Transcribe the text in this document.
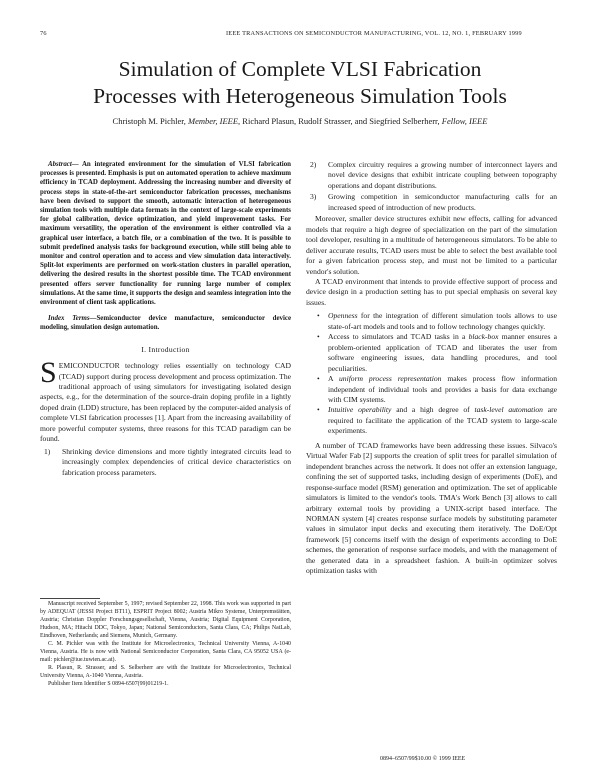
76	IEEE TRANSACTIONS ON SEMICONDUCTOR MANUFACTURING, VOL. 12, NO. 1, FEBRUARY 1999
Simulation of Complete VLSI Fabrication
Processes with Heterogeneous Simulation Tools
Christoph M. Pichler, Member, IEEE, Richard Plasun, Rudolf Strasser, and Siegfried Selberherr, Fellow, IEEE

Abstract— An integrated environment for the simulation of VLSI fabrication processes is presented. Emphasis is put on automated operation to achieve maximum efficiency in TCAD deployment. Addressing the increasing number and diversity of process steps in state-of-the-art semiconductor fabrication processes, mechanisms have been devised to support the smooth, automatic interaction of heterogeneous simulation tools with multiple data formats in the context of large-scale experiments for global calibration, device optimization, and yield improvement tasks. For maximum versatility, the operation of the environment is either controlled via a graphical user interface, a batch file, or a combination of the two. It is possible to submit predefined analysis tasks for background execution, while still being able to monitor and control operation and to access and view simulation data interactively. Split-lot experiments are performed on work-station clusters in parallel operation, delivering the desired results in the shortest possible time. The TCAD environment presented offers server functionality for running large number of complex simulations. At the same time, it supports the design and seamless integration into the environment of client task applications.

Index Terms—Semiconductor device manufacture, semiconductor device modeling, simulation design automation.

I. Introduction

SEMICONDUCTOR technology relies essentially on technology CAD (TCAD) support during process development and process optimization. The traditional approach of using simulators for investigating isolated design aspects, e.g., for the determination of the source-drain doping profile in a lightly doped drain (LDD) structure, has been replaced by the computer-aided analysis of complete VLSI fabrication processes [1]. Apart from the increasing availability of more powerful computer systems, three reasons for this TCAD paradigm can be found.

1) Shrinking device dimensions and more tightly integrated circuits lead to increasingly complex dependencies of critical device characteristics on fabrication process parameters.

Manuscript received September 5, 1997; revised September 22, 1998. This work was supported in part by ADEQUAT (JESSI Project BT11), ESPRIT Project 8002; Austria Mikro Systeme, Unterpremstätten, Austria; Christian Doppler Forschungsgesellschaft, Vienna, Austria; Digital Equipment Corporation, Hudson, MA; Hitachi DDC, Tokyo, Japan; National Semiconductors, Santa Clara, CA; Philips NatLab, Eindhoven, Netherlands; and Siemens, Munich, Germany.

C. M. Pichler was with the Institute for Microelectronics, Technical University Vienna, A-1040 Vienna, Austria. He is now with National Semiconductor Corporation, Santa Clara, CA 95052 USA (e-mail: pichler@iue.tuwien.ac.at).

R. Plasun, R. Strasser, and S. Selberherr are with the Institute for Microelectronics, Technical University Vienna, A-1040 Vienna, Austria.

Publisher Item Identifier S 0894-6507(99)01219-1.

2) Complex circuitry requires a growing number of interconnect layers and novel device designs that exhibit intricate coupling between topography operations and dopant distributions.
3) Growing competition in semiconductor manufacturing calls for an increased speed of introduction of new products.

Moreover, smaller device structures exhibit new effects, calling for advanced models that require a high degree of specialization on the part of the simulation tool developer, resulting in a multitude of heterogeneous simulators. To be able to deliver accurate results, TCAD users must be able to select the best available tool for a given fabrication process step, and must not be limited to a particular vendor's solution.

A TCAD environment that intends to provide effective support of process and device design in a production setting has to put special emphasis on several key issues.

• Openness for the integration of different simulation tools allows to use state-of-art models and tools and to follow technology changes quickly.
• Access to simulators and TCAD tasks in a black-box manner ensures a problem-oriented application of TCAD and liberates the user from software engineering issues, data handling procedures, and tool peculiarities.
• A uniform process representation makes process flow information independent of individual tools and provides a basis for data exchange with CIM systems.
• Intuitive operability and a high degree of task-level automation are required to facilitate the application of the TCAD system to large-scale experiments.

A number of TCAD frameworks have been addressing these issues. Silvaco's Virtual Wafer Fab [2] supports the creation of split trees for parallel simulation of independent branches across the network. It does not offer an extension language, confining the set of supported tasks, including design of experiments (DoE), and response-surface model (RSM) generation and optimization. The set of applicable simulators is limited to the vendor's tools. TMA's Work Bench [3] allows to call arbitrary external tools by providing a UNIX-script based interface. The NORMAN system [4] creates response surface models by substituting parameter values in simulator input decks and executing them iteratively. The DoE/Opt framework [5] concerns itself with the design of experiments according to DoE schemes, the generation of response surface models, and with the management of the generated data in a spreadsheet fashion. A built-in optimizer solves optimization tasks with

0894–6507/99$10.00 © 1999 IEEE
